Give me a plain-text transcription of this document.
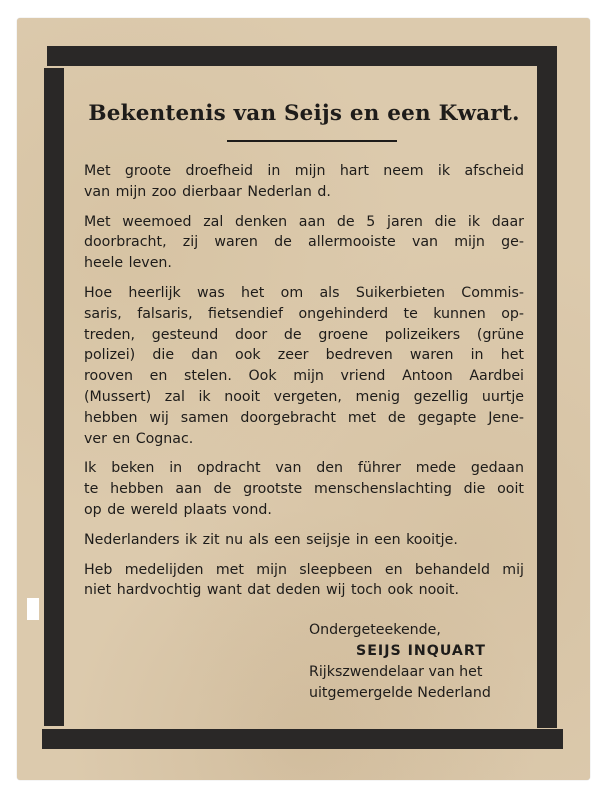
Bekentenis van Seijs en een Kwart.

Met groote droefheid in mijn hart neem ik afscheid
van mijn zoo dierbaar Nederlan d.

Met weemoed zal denken aan de 5 jaren die ik daar
doorbracht, zij waren de allermooiste van mijn ge-
heele leven.

Hoe heerlijk was het om als Suikerbieten Commis-
saris, falsaris, fietsendief ongehinderd te kunnen op-
treden, gesteund door de groene polizeikers (grüne
polizei) die dan ook zeer bedreven waren in het
rooven en stelen. Ook mijn vriend Antoon Aardbei
(Mussert) zal ik nooit vergeten, menig gezellig uurtje
hebben wij samen doorgebracht met de gegapte Jene-
ver en Cognac.

Ik beken in opdracht van den führer mede gedaan
te hebben aan de grootste menschenslachting die ooit
op de wereld plaats vond.

Nederlanders ik zit nu als een seijsje in een kooitje.

Heb medelijden met mijn sleepbeen en behandeld mij
niet hardvochtig want dat deden wij toch ook nooit.

Ondergeteekende,
SEIJS INQUART
Rijkszwendelaar van het
uitgemergelde Nederland
